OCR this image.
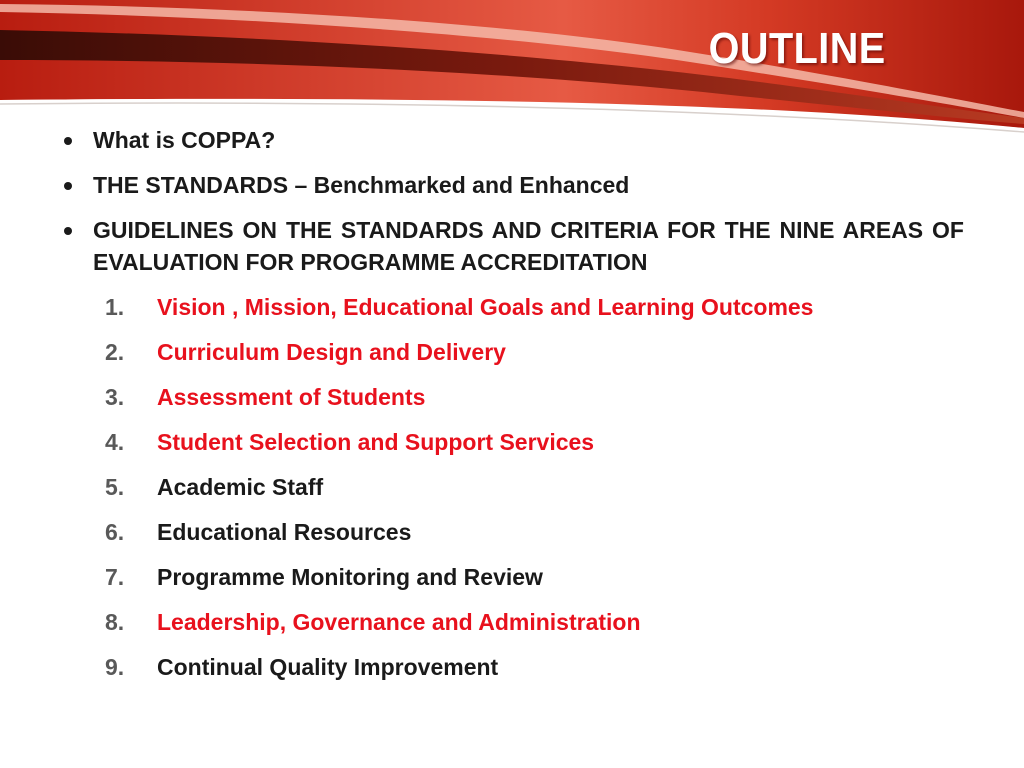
OUTLINE
What is COPPA?
THE STANDARDS – Benchmarked and Enhanced
GUIDELINES ON THE STANDARDS AND CRITERIA FOR THE NINE AREAS OF EVALUATION FOR PROGRAMME ACCREDITATION
1. Vision , Mission, Educational Goals and Learning Outcomes
2. Curriculum Design and Delivery
3. Assessment of Students
4. Student Selection and Support Services
5. Academic Staff
6. Educational Resources
7. Programme Monitoring and Review
8. Leadership, Governance and Administration
9. Continual Quality Improvement
